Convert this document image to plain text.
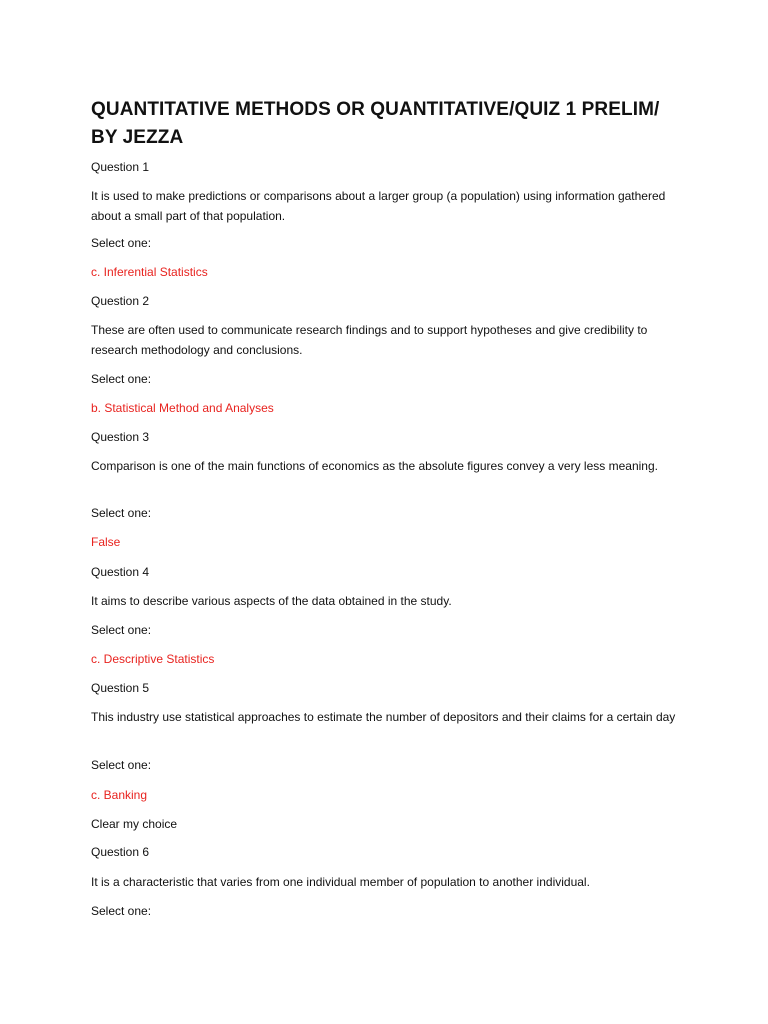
QUANTITATIVE METHODS OR QUANTITATIVE/QUIZ 1 PRELIM/ BY JEZZA

Question 1

It is used to make predictions or comparisons about a larger group (a population) using information gathered about a small part of that population.

Select one:

c. Inferential Statistics

Question 2

These are often used to communicate research findings and to support hypotheses and give credibility to research methodology and conclusions.

Select one:

b. Statistical Method and Analyses

Question 3

Comparison is one of the main functions of economics as the absolute figures convey a very less meaning.

Select one:

False

Question 4

It aims to describe various aspects of the data obtained in the study.

Select one:

c. Descriptive Statistics

Question 5

This industry use statistical approaches to estimate the number of depositors and their claims for a certain day

Select one:

c. Banking

Clear my choice

Question 6

It is a characteristic that varies from one individual member of population to another individual.

Select one:
